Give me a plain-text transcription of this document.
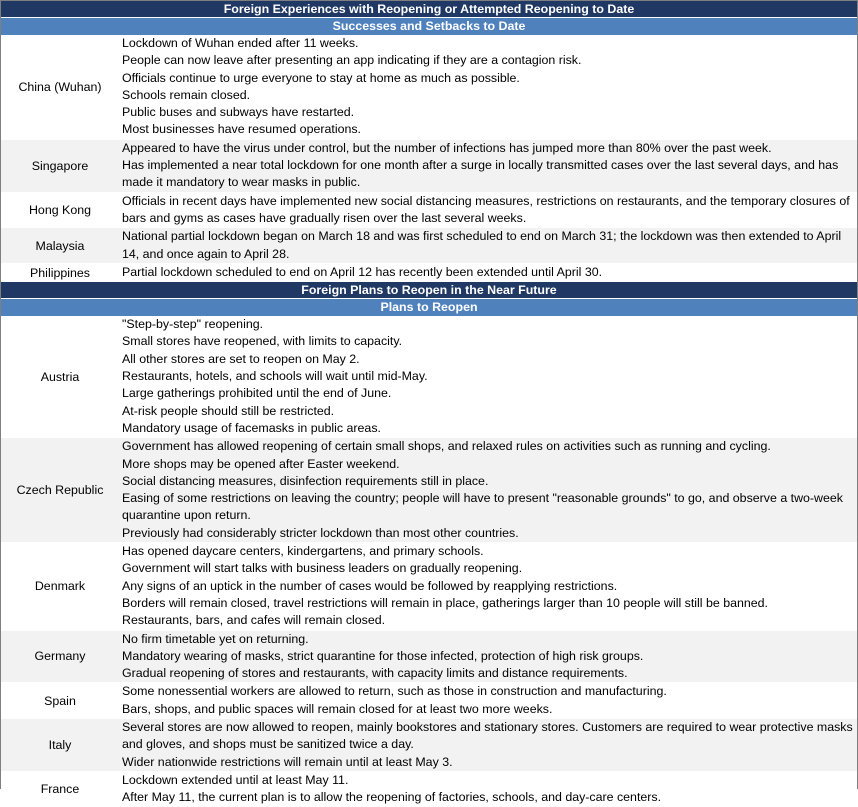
Foreign Experiences with Reopening or Attempted Reopening to Date
Successes and Setbacks to Date
China (Wuhan)
Lockdown of Wuhan ended after 11 weeks.
People can now leave after presenting an app indicating if they are a contagion risk.
Officials continue to urge everyone to stay at home as much as possible.
Schools remain closed.
Public buses and subways have restarted.
Most businesses have resumed operations.
Singapore
Appeared to have the virus under control, but the number of infections has jumped more than 80% over the past week.
Has implemented a near total lockdown for one month after a surge in locally transmitted cases over the last several days, and has made it mandatory to wear masks in public.
Hong Kong
Officials in recent days have implemented new social distancing measures, restrictions on restaurants, and the temporary closures of bars and gyms as cases have gradually risen over the last several weeks.
Malaysia
National partial lockdown began on March 18 and was first scheduled to end on March 31; the lockdown was then extended to April 14, and once again to April 28.
Philippines	Partial lockdown scheduled to end on April 12 has recently been extended until April 30.
Foreign Plans to Reopen in the Near Future
Plans to Reopen
Austria
"Step-by-step" reopening.
Small stores have reopened, with limits to capacity.
All other stores are set to reopen on May 2.
Restaurants, hotels, and schools will wait until mid-May.
Large gatherings prohibited until the end of June.
At-risk people should still be restricted.
Mandatory usage of facemasks in public areas.
Czech Republic
Government has allowed reopening of certain small shops, and relaxed rules on activities such as running and cycling.
More shops may be opened after Easter weekend.
Social distancing measures, disinfection requirements still in place.
Easing of some restrictions on leaving the country; people will have to present "reasonable grounds" to go, and observe a two-week quarantine upon return.
Previously had considerably stricter lockdown than most other countries.
Denmark
Has opened daycare centers, kindergartens, and primary schools.
Government will start talks with business leaders on gradually reopening.
Any signs of an uptick in the number of cases would be followed by reapplying restrictions.
Borders will remain closed, travel restrictions will remain in place, gatherings larger than 10 people will still be banned.
Restaurants, bars, and cafes will remain closed.
Germany
No firm timetable yet on returning.
Mandatory wearing of masks, strict quarantine for those infected, protection of high risk groups.
Gradual reopening of stores and restaurants, with capacity limits and distance requirements.
Spain
Some nonessential workers are allowed to return, such as those in construction and manufacturing.
Bars, shops, and public spaces will remain closed for at least two more weeks.
Italy
Several stores are now allowed to reopen, mainly bookstores and stationary stores. Customers are required to wear protective masks and gloves, and shops must be sanitized twice a day.
Wider nationwide restrictions will remain until at least May 3.
France
Lockdown extended until at least May 11.
After May 11, the current plan is to allow the reopening of factories, schools, and day-care centers.
